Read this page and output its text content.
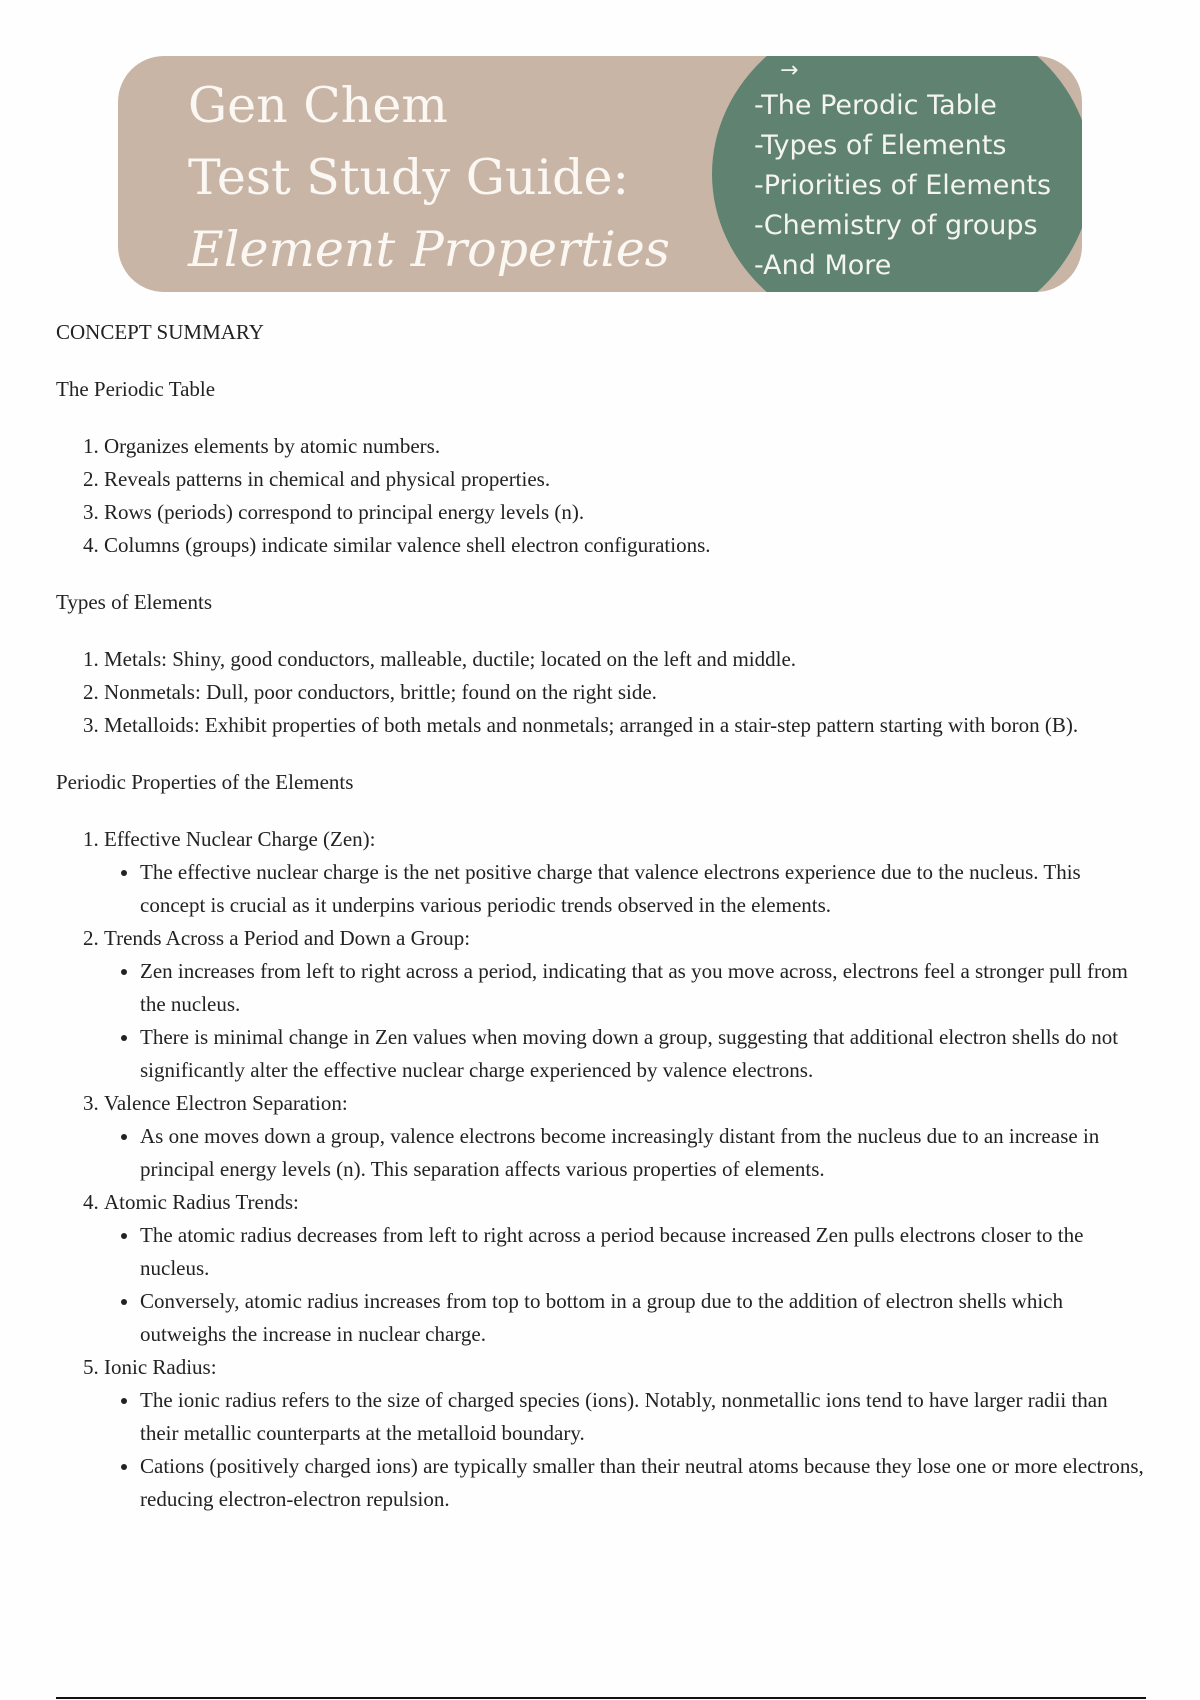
Gen Chem
Test Study Guide:
Element Properties
→
-The Perodic Table
-Types of Elements
-Priorities of Elements
-Chemistry of groups
-And More
CONCEPT SUMMARY
The Periodic Table
1. Organizes elements by atomic numbers.
2. Reveals patterns in chemical and physical properties.
3. Rows (periods) correspond to principal energy levels (n).
4. Columns (groups) indicate similar valence shell electron configurations.
Types of Elements
1. Metals: Shiny, good conductors, malleable, ductile; located on the left and middle.
2. Nonmetals: Dull, poor conductors, brittle; found on the right side.
3. Metalloids: Exhibit properties of both metals and nonmetals; arranged in a stair-step pattern starting with boron (B).
Periodic Properties of the Elements
1. Effective Nuclear Charge (Zen):
• The effective nuclear charge is the net positive charge that valence electrons experience due to the nucleus. This concept is crucial as it underpins various periodic trends observed in the elements.
2. Trends Across a Period and Down a Group:
• Zen increases from left to right across a period, indicating that as you move across, electrons feel a stronger pull from the nucleus.
• There is minimal change in Zen values when moving down a group, suggesting that additional electron shells do not significantly alter the effective nuclear charge experienced by valence electrons.
3. Valence Electron Separation:
• As one moves down a group, valence electrons become increasingly distant from the nucleus due to an increase in principal energy levels (n). This separation affects various properties of elements.
4. Atomic Radius Trends:
• The atomic radius decreases from left to right across a period because increased Zen pulls electrons closer to the nucleus.
• Conversely, atomic radius increases from top to bottom in a group due to the addition of electron shells which outweighs the increase in nuclear charge.
5. Ionic Radius:
• The ionic radius refers to the size of charged species (ions). Notably, nonmetallic ions tend to have larger radii than their metallic counterparts at the metalloid boundary.
• Cations (positively charged ions) are typically smaller than their neutral atoms because they lose one or more electrons, reducing electron-electron repulsion.
